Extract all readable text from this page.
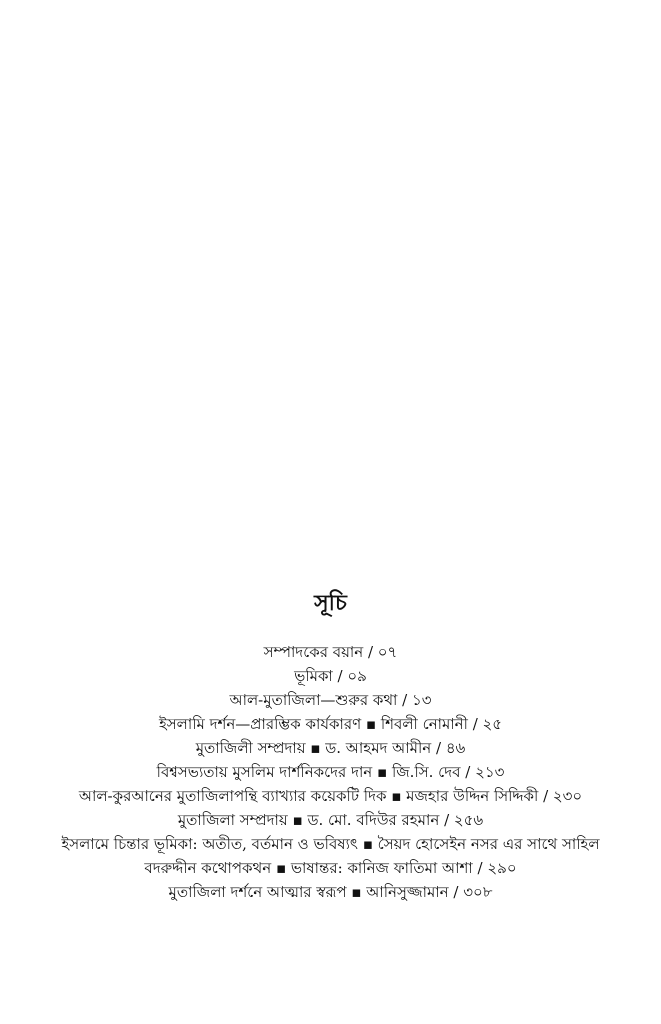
সূচি
সম্পাদকের বয়ান / ০৭
ভূমিকা / ০৯
আল-মুতাজিলা—শুরুর কথা / ১৩
ইসলামি দর্শন—প্রারম্ভিক কার্যকারণ ▪ শিবলী নোমানী / ২৫
মুতাজিলী সম্প্রদায় ▪ ড. আহমদ আমীন / ৪৬
বিশ্বসভ্যতায় মুসলিম দার্শনিকদের দান ▪ জি.সি. দেব / ২১৩
আল-কুরআনের মুতাজিলাপন্থি ব্যাখ্যার কয়েকটি দিক ▪ মজহার উদ্দিন সিদ্দিকী / ২৩০
মুতাজিলা সম্প্রদায় ▪ ড. মো. বদিউর রহমান / ২৫৬
ইসলামে চিন্তার ভূমিকা: অতীত, বর্তমান ও ভবিষ্যৎ ▪ সৈয়দ হোসেইন নসর এর সাথে সাহিল
বদরুদ্দীন কথোপকথন ▪ ভাষান্তর: কানিজ ফাতিমা আশা / ২৯০
মুতাজিলা দর্শনে আত্মার স্বরূপ ▪ আনিসুজ্জামান / ৩০৮
